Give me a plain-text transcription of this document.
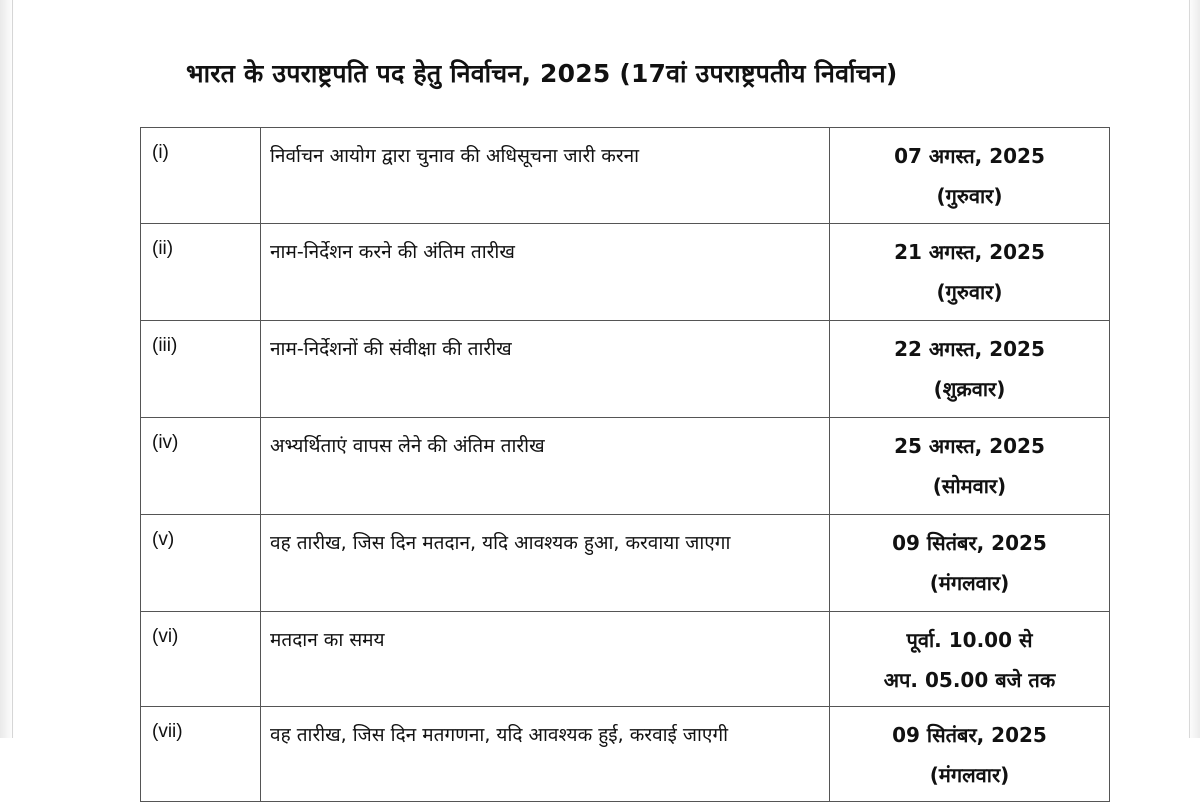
भारत के उपराष्ट्रपति पद हेतु निर्वाचन, 2025 (17वां उपराष्ट्रपतीय निर्वाचन)
(i)	निर्वाचन आयोग द्वारा चुनाव की अधिसूचना जारी करना	07 अगस्त, 2025
(गुरुवार)

(ii)	नाम-निर्देशन करने की अंतिम तारीख	21 अगस्त, 2025
(गुरुवार)

(iii)	नाम-निर्देशनों की संवीक्षा की तारीख	22 अगस्त, 2025
(शुक्रवार)

(iv)	अभ्यर्थिताएं वापस लेने की अंतिम तारीख	25 अगस्त, 2025
(सोमवार)

(v)	वह तारीख, जिस दिन मतदान, यदि आवश्यक हुआ, करवाया जाएगा	09 सितंबर, 2025
(मंगलवार)

(vi)	मतदान का समय	पूर्वा. 10.00 से
अप. 05.00 बजे तक

(vii)	वह तारीख, जिस दिन मतगणना, यदि आवश्यक हुई, करवाई जाएगी	09 सितंबर, 2025
(मंगलवार)
